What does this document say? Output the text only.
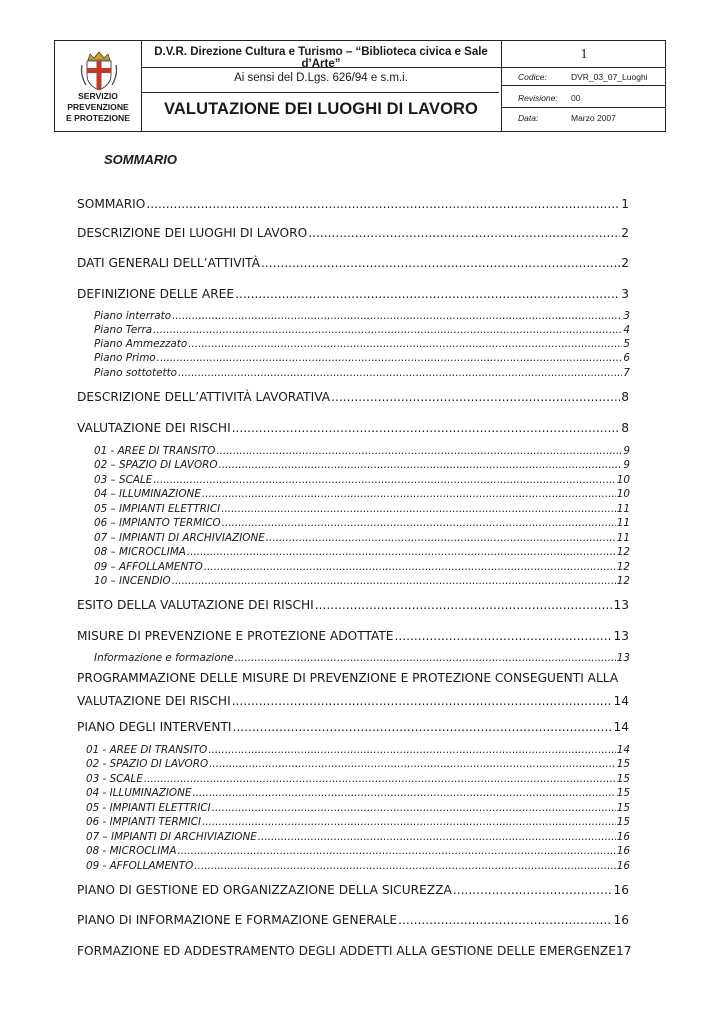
SERVIZIO
PREVENZIONE
E PROTEZIONE
D.V.R. Direzione Cultura e Turismo – “Biblioteca civica e Sale d’Arte”
Ai sensi del D.Lgs. 626/94 e s.m.i.
VALUTAZIONE DEI LUOGHI DI LAVORO
1
Codice:	DVR_03_07_Luoghi
Revisione: 00
Data:	Marzo 2007
SOMMARIO
SOMMARIO .....	1
DESCRIZIONE DEI LUOGHI DI LAVORO .....	2
DATI GENERALI DELL’ATTIVITÀ .....	2
DEFINIZIONE DELLE AREE .....	3
Piano interrato .....	3
Piano Terra .....	4
Piano Ammezzato .....	5
Piano Primo .....	6
Piano sottotetto .....	7
DESCRIZIONE DELL’ATTIVITÀ LAVORATIVA .....	8
VALUTAZIONE DEI RISCHI .....	8
01 - AREE DI TRANSITO .....	9
02 – SPAZIO DI LAVORO .....	9
03 – SCALE .....	10
04 – ILLUMINAZIONE .....	10
05 – IMPIANTI ELETTRICI .....	11
06 – IMPIANTO TERMICO .....	11
07 – IMPIANTI DI ARCHIVIAZIONE .....	11
08 – MICROCLIMA .....	12
09 – AFFOLLAMENTO .....	12
10 – INCENDIO .....	12
ESITO DELLA VALUTAZIONE DEI RISCHI .....	13
MISURE DI PREVENZIONE E PROTEZIONE ADOTTATE .....	13
Informazione e formazione .....	13
PROGRAMMAZIONE DELLE MISURE DI PREVENZIONE E PROTEZIONE CONSEGUENTI ALLA
VALUTAZIONE DEI RISCHI .....	14
PIANO DEGLI INTERVENTI .....	14
01 - AREE DI TRANSITO .....	14
02 - SPAZIO DI LAVORO .....	15
03 - SCALE .....	15
04 - ILLUMINAZIONE .....	15
05 - IMPIANTI ELETTRICI .....	15
06 - IMPIANTI TERMICI .....	15
07 – IMPIANTI DI ARCHIVIAZIONE .....	16
08 - MICROCLIMA .....	16
09 - AFFOLLAMENTO .....	16
PIANO DI GESTIONE ED ORGANIZZAZIONE DELLA SICUREZZA .....	16
PIANO DI INFORMAZIONE E FORMAZIONE GENERALE .....	16
FORMAZIONE ED ADDESTRAMENTO DEGLI ADDETTI ALLA GESTIONE DELLE EMERGENZE 17
